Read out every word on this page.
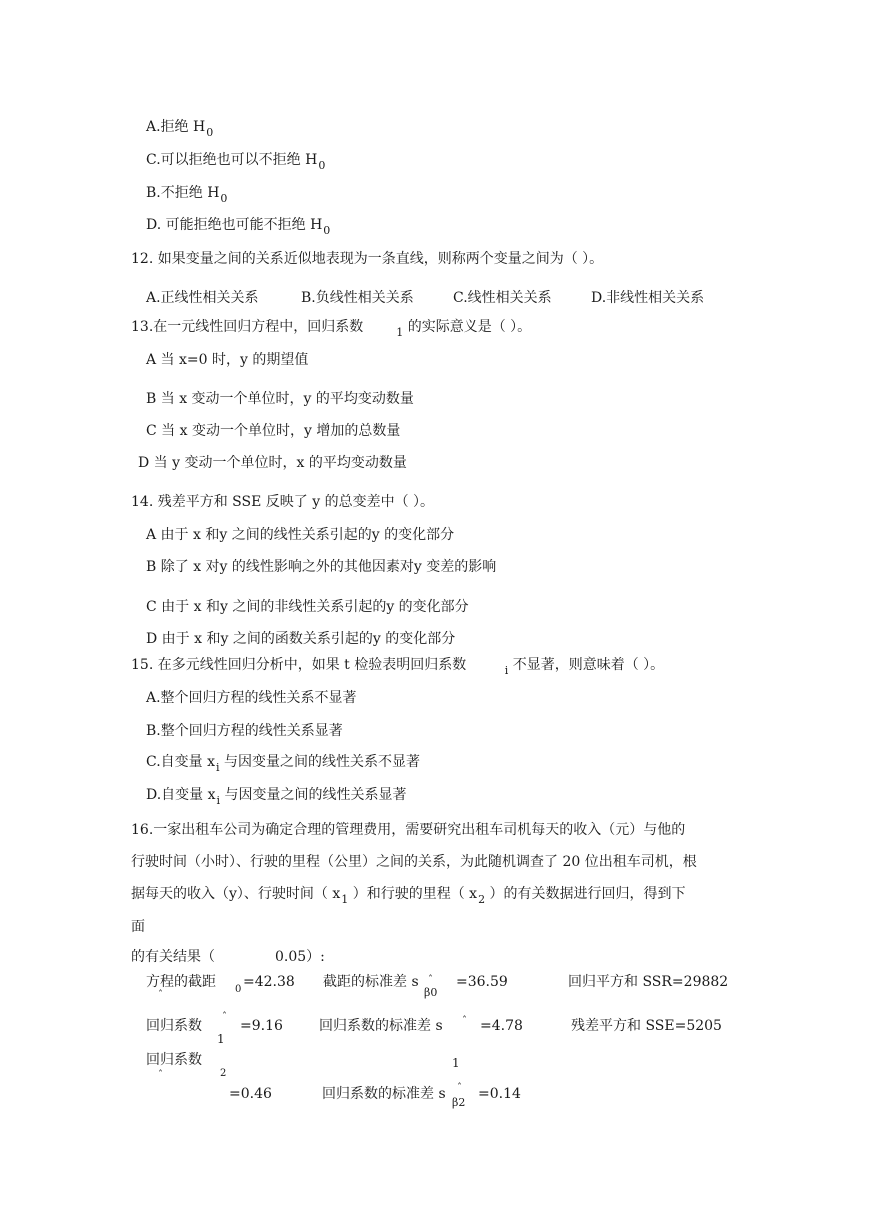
A.拒绝 $H_0$
C.可以拒绝也可以不拒绝 $H_0$
B.不拒绝 $H_0$
D. 可能拒绝也可能不拒绝 $H_0$
12. 如果变量之间的关系近似地表现为一条直线，则称两个变量之间为（ ）。
A.正线性相关关系	B.负线性相关关系	C.线性相关关系	D.非线性相关关系
13.在一元线性回归方程中，回归系数	$_1$ 的实际意义是（ ）。
A 当 x=0 时，y 的期望值
B 当 x 变动一个单位时，y 的平均变动数量
C 当 x 变动一个单位时，y 增加的总数量
D 当 y 变动一个单位时，x 的平均变动数量
14. 残差平方和 SSE 反映了 y 的总变差中（ ）。
A 由于 x 和y 之间的线性关系引起的y 的变化部分
B 除了 x 对y 的线性影响之外的其他因素对y 变差的影响
C 由于 x 和y 之间的非线性关系引起的y 的变化部分
D 由于 x 和y 之间的函数关系引起的y 的变化部分
15. 在多元线性回归分析中，如果 t 检验表明回归系数	$_i$ 不显著，则意味着（ ）。
A.整个回归方程的线性关系不显著
B.整个回归方程的线性关系显著
C.自变量 $x_i$ 与因变量之间的线性关系不显著
D.自变量 $x_i$ 与因变量之间的线性关系显著
16.一家出租车公司为确定合理的管理费用，需要研究出租车司机每天的收入（元）与他的
行驶时间（小时）、行驶的里程（公里）之间的关系，为此随机调查了 20 位出租车司机，根
据每天的收入（y）、行驶时间（ $x_1$ ）和行驶的里程（ $x_2$ ）的有关数据进行回归，得到下
面
的有关结果（	0.05）:
方程的截距
ˆ
0 =42.38 截距的标准差 s ˆ
β0
=36.59	回归平方和 SSR=29882
回归系数
ˆ
1
=9.16	回归系数的标准差 s ˆ =4.78	残差平方和 SSE=5205
回归系数
ˆ	2
1
=0.46	回归系数的标准差 s ˆ
β2
=0.14
